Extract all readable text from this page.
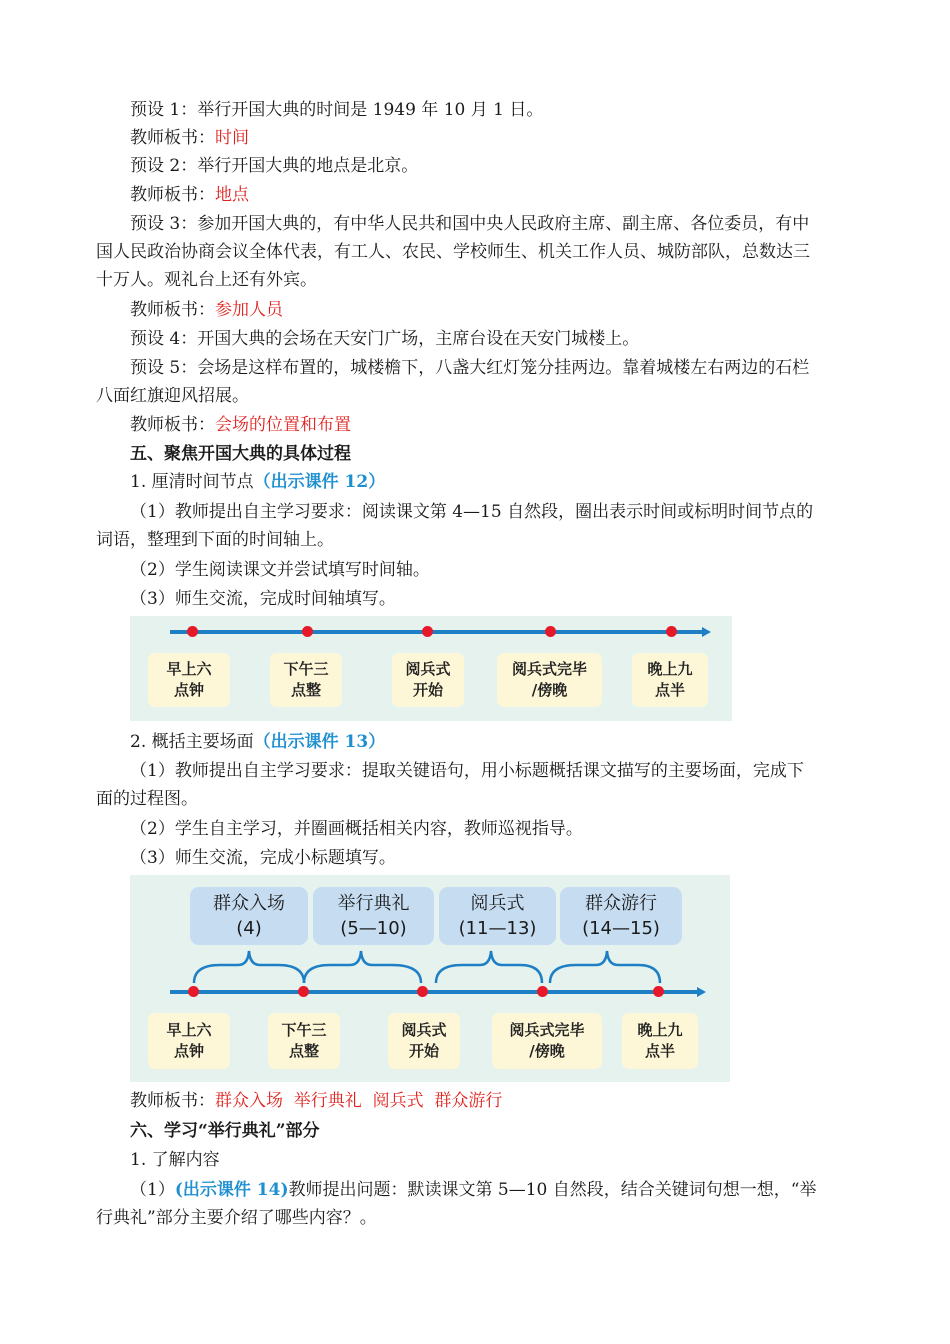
预设 1：举行开国大典的时间是 1949 年 10 月 1 日。
教师板书：时间
预设 2：举行开国大典的地点是北京。
教师板书：地点
预设 3：参加开国大典的，有中华人民共和国中央人民政府主席、副主席、各位委员，有中
国人民政治协商会议全体代表，有工人、农民、学校师生、机关工作人员、城防部队，总数达三
十万人。观礼台上还有外宾。
教师板书：参加人员
预设 4：开国大典的会场在天安门广场，主席台设在天安门城楼上。
预设 5：会场是这样布置的，城楼檐下，八盏大红灯笼分挂两边。靠着城楼左右两边的石栏
八面红旗迎风招展。
教师板书：会场的位置和布置
五、聚焦开国大典的具体过程
1. 厘清时间节点（出示课件 12）
（1）教师提出自主学习要求：阅读课文第 4—15 自然段，圈出表示时间或标明时间节点的
词语，整理到下面的时间轴上。
（2）学生阅读课文并尝试填写时间轴。
（3）师生交流，完成时间轴填写。
早上六
点钟
下午三
点整
阅兵式
开始
阅兵式完毕
/傍晚
晚上九
点半
2. 概括主要场面（出示课件 13）
（1）教师提出自主学习要求：提取关键语句，用小标题概括课文描写的主要场面，完成下
面的过程图。
（2）学生自主学习，并圈画概括相关内容，教师巡视指导。
（3）师生交流，完成小标题填写。
群众入场
(4)
举行典礼
(5—10)
阅兵式
(11—13)
群众游行
(14—15)
早上六
点钟
下午三
点整
阅兵式
开始
阅兵式完毕
/傍晚
晚上九
点半
教师板书：群众入场  举行典礼  阅兵式  群众游行
六、学习“举行典礼”部分
1. 了解内容
（1）(出示课件 14)教师提出问题：默读课文第 5—10 自然段，结合关键词句想一想，“举
行典礼”部分主要介绍了哪些内容？。
